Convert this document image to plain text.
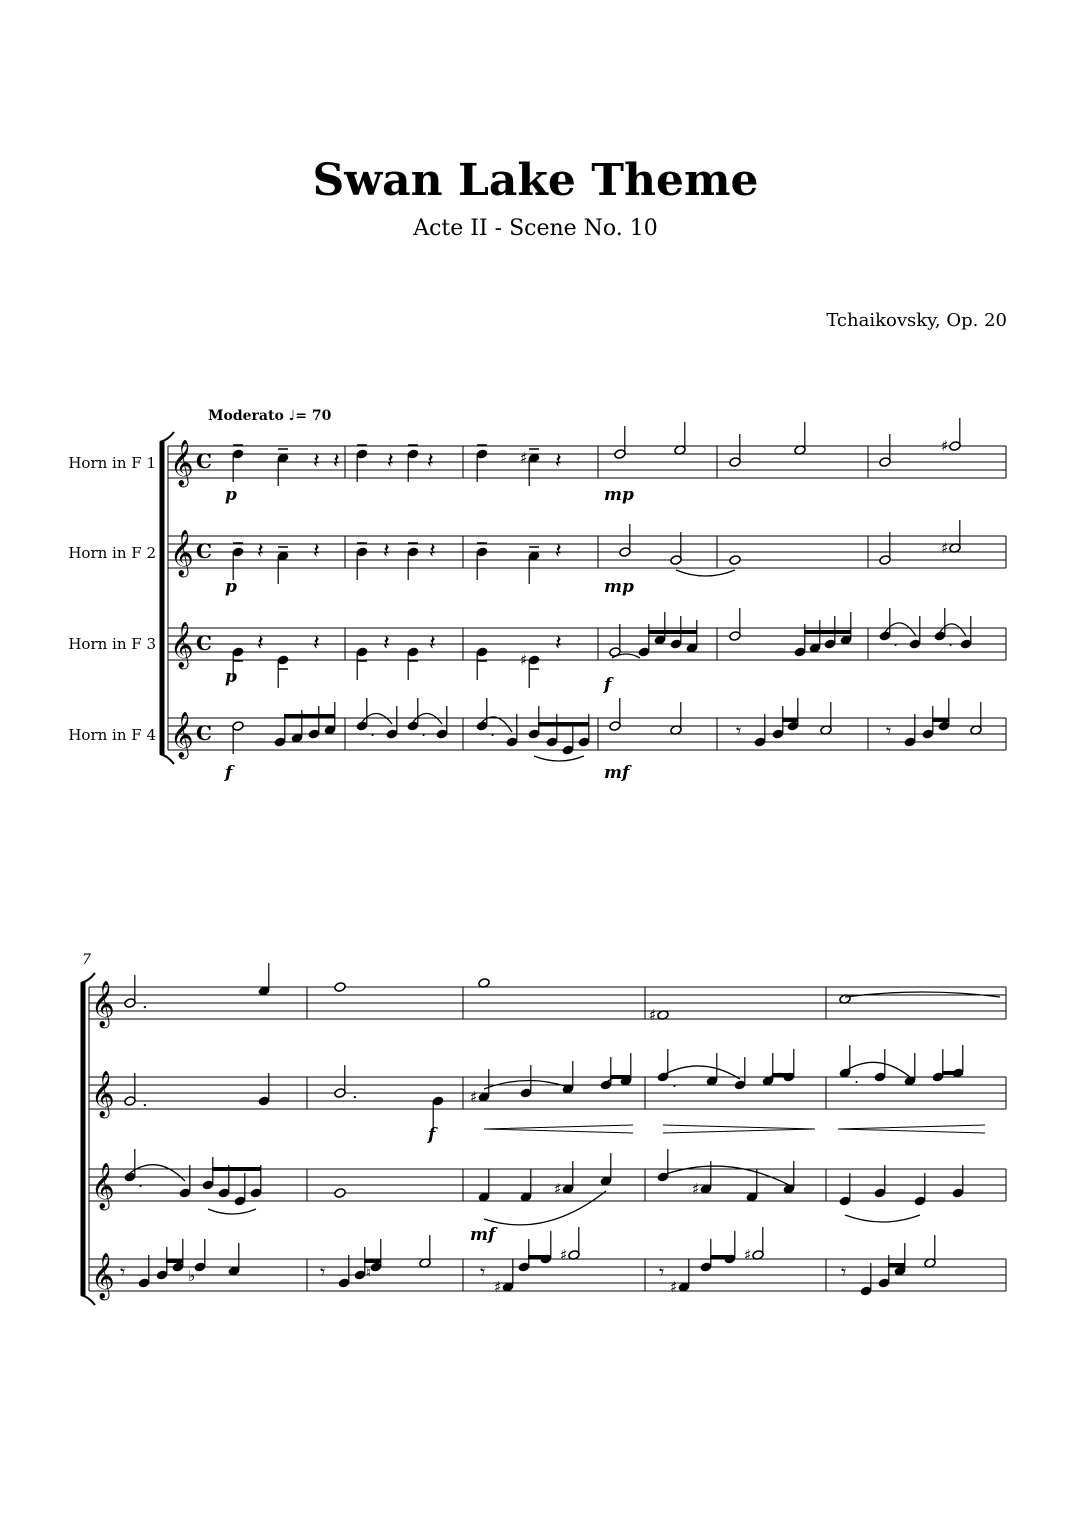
Swan Lake Theme
Acte II - Scene No. 10
Tchaikovsky, Op. 20
Moderato ♩= 70
Horn in F 1
Horn in F 2
Horn in F 3
Horn in F 4
7
𝄞 C
𝄞 C
𝄞 C
𝄞 C
𝄞
𝄞
𝄞
𝄞
𝄽 𝄽 𝄽 𝄽	𝄽
♯
♯
p	mp
𝄽 𝄽	𝄽 𝄽	𝄽	♯
p	mp
𝄽 𝄽	𝄽 𝄽	𝄽
♯
.	.
p	f
.	.	.	𝄾	𝄾
f	mf
.
♯
.	.
f
♯
.	.
.	♯
mf
♯
𝄾	♭	𝄾	♮	𝄾
♯
♯
𝄾
♯
♯
𝄾
